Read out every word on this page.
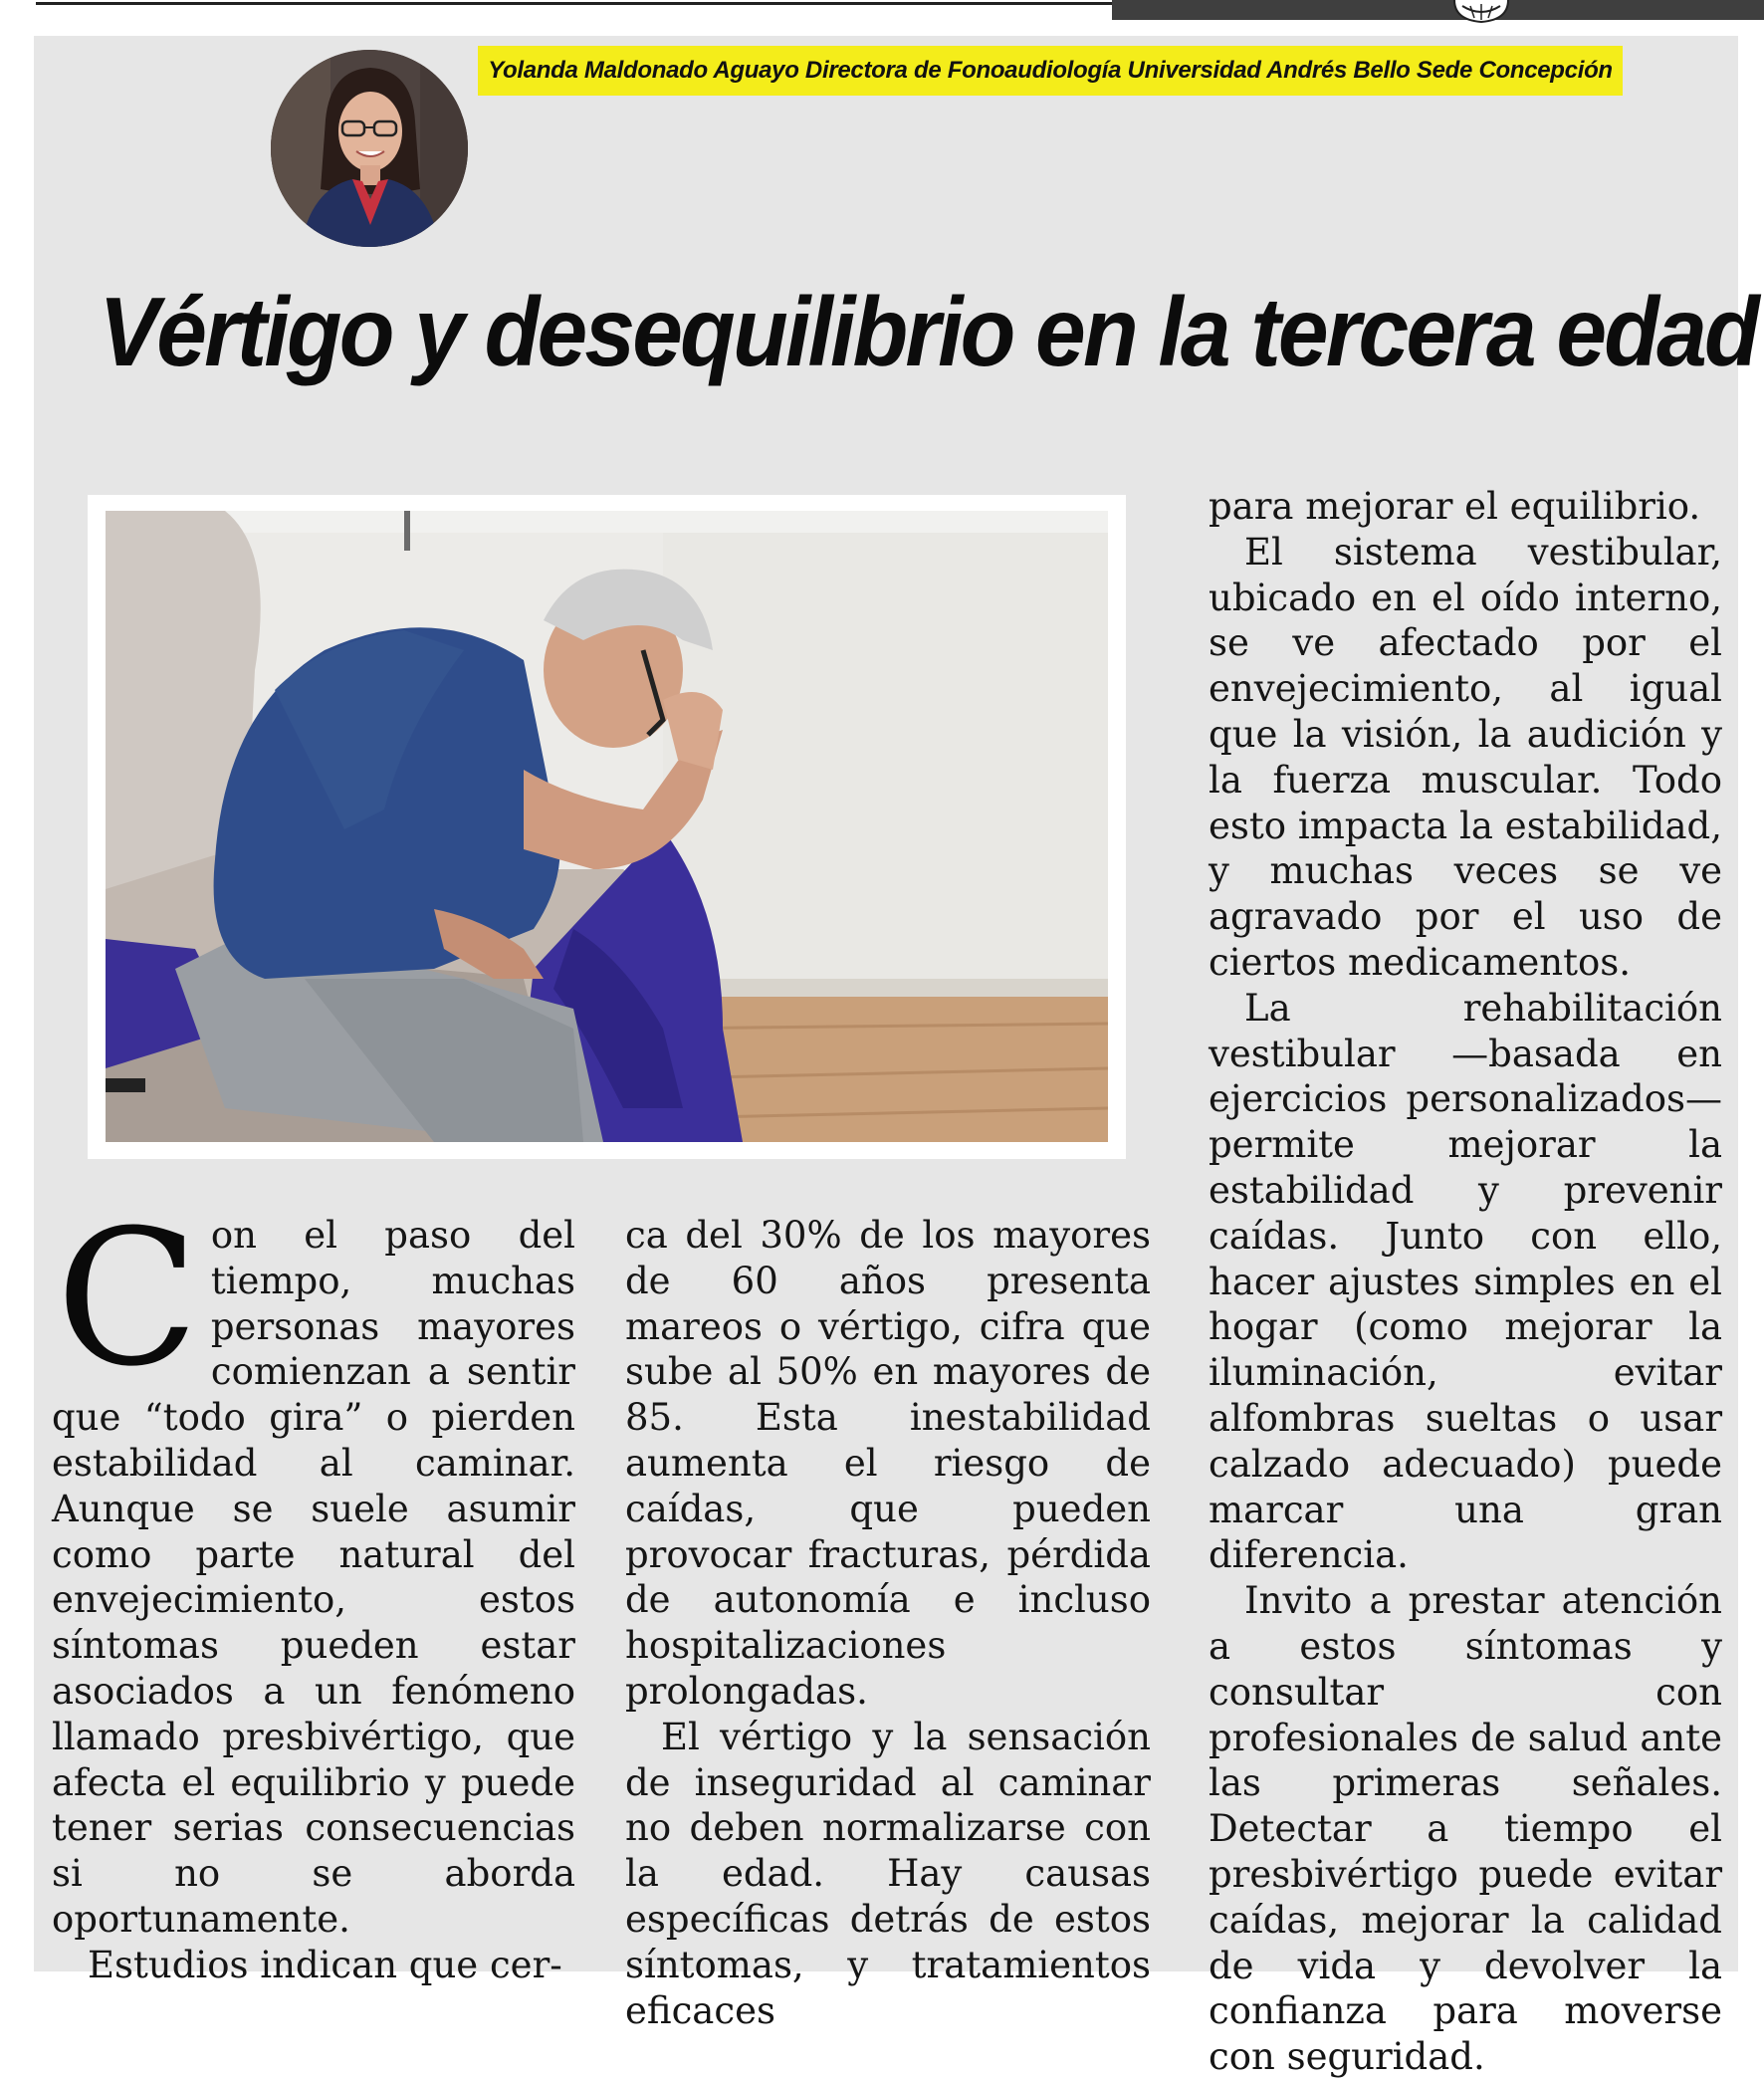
Yolanda Maldonado Aguayo Directora de Fonoaudiología Universidad Andrés Bello Sede Concepción
Vértigo y desequilibrio en la tercera edad
C on el paso del tiempo, muchas personas mayores comienzan a sentir que “todo gira” o pierden estabilidad al caminar. Aunque se suele asumir como parte natural del envejecimiento, estos síntomas pueden estar asociados a un fenómeno llamado presbivértigo, que afecta el equilibrio y puede tener serias consecuencias si no se aborda oportunamente.

Estudios indican que cer-

ca del 30% de los mayores de 60 años presenta mareos o vértigo, cifra que sube al 50% en mayores de 85. Esta inestabilidad aumenta el riesgo de caídas, que pueden provocar fracturas, pérdida de autonomía e incluso hospitalizaciones prolongadas.

El vértigo y la sensación de inseguridad al caminar no deben normalizarse con la edad. Hay causas específicas detrás de estos síntomas, y tratamientos eficaces

para mejorar el equilibrio.

El sistema vestibular, ubicado en el oído interno, se ve afectado por el envejecimiento, al igual que la visión, la audición y la fuerza muscular. Todo esto impacta la estabilidad, y muchas veces se ve agravado por el uso de ciertos medicamentos.

La rehabilitación vestibular —basada en ejercicios personalizados— permite mejorar la estabilidad y prevenir caídas. Junto con ello, hacer ajustes simples en el hogar (como mejorar la iluminación, evitar alfombras sueltas o usar calzado adecuado) puede marcar una gran diferencia.

Invito a prestar atención a estos síntomas y consultar con profesionales de salud ante las primeras señales. Detectar a tiempo el presbivértigo puede evitar caídas, mejorar la calidad de vida y devolver la confianza para moverse con seguridad.
